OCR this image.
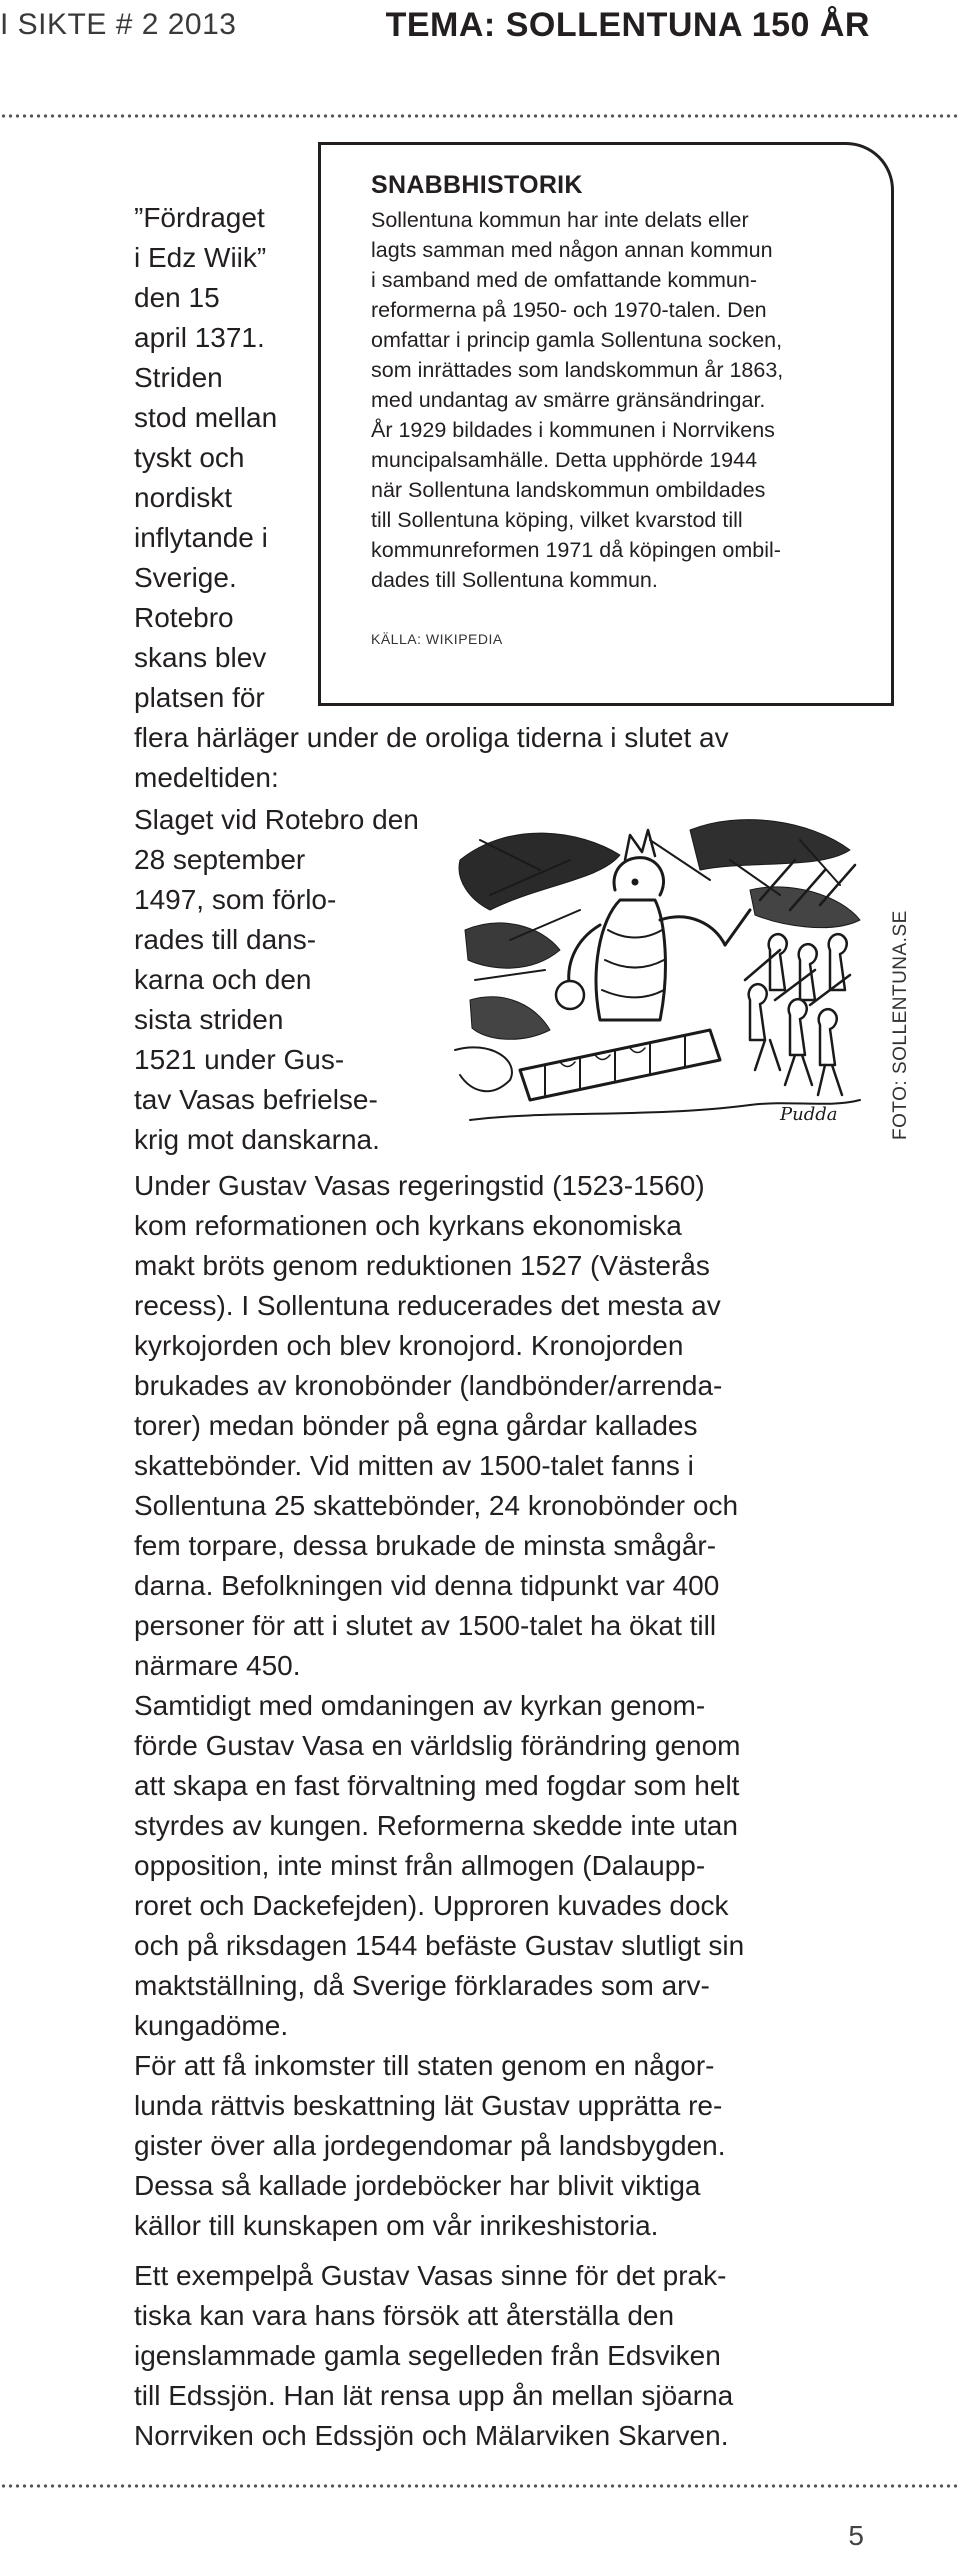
I SIKTE # 2 2013	TEMA: SOLLENTUNA 150 ÅR

”Fördraget
i Edz Wiik”
den 15
april 1371.
Striden
stod mellan
tyskt och
nordiskt
inflytande i
Sverige.
Rotebro
skans blev
platsen för

SNABBHISTORIK

Sollentuna kommun har inte delats eller
lagts samman med någon annan kommun
i samband med de omfattande kommun-
reformerna på 1950- och 1970-talen. Den
omfattar i princip gamla Sollentuna socken,
som inrättades som landskommun år 1863,
med undantag av smärre gränsändringar.
År 1929 bildades i kommunen i Norrvikens
muncipalsamhälle. Detta upphörde 1944
när Sollentuna landskommun ombildades
till Sollentuna köping, vilket kvarstod till
kommunreformen 1971 då köpingen ombil-
dades till Sollentuna kommun.

KÄLLA: WIKIPEDIA

flera härläger under de oroliga tiderna i slutet av
medeltiden:

Slaget vid Rotebro den
28 september
1497, som förlo-
rades till dans-
karna och den
sista striden
1521 under Gus-
tav Vasas befrielse-
krig mot danskarna.

Pudda	FOTO: SOLLENTUNA.SE

Under Gustav Vasas regeringstid (1523-1560)
kom reformationen och kyrkans ekonomiska
makt bröts genom reduktionen 1527 (Västerås
recess). I Sollentuna reducerades det mesta av
kyrkojorden och blev kronojord. Kronojorden
brukades av kronobönder (landbönder/arrenda-
torer) medan bönder på egna gårdar kallades
skattebönder. Vid mitten av 1500-talet fanns i
Sollentuna 25 skattebönder, 24 kronobönder och
fem torpare, dessa brukade de minsta smågår-
darna. Befolkningen vid denna tidpunkt var 400
personer för att i slutet av 1500-talet ha ökat till
närmare 450.

Samtidigt med omdaningen av kyrkan genom-
förde Gustav Vasa en världslig förändring genom
att skapa en fast förvaltning med fogdar som helt
styrdes av kungen. Reformerna skedde inte utan
opposition, inte minst från allmogen (Dalaupp-
roret och Dackefejden). Upproren kuvades dock
och på riksdagen 1544 befäste Gustav slutligt sin
maktställning, då Sverige förklarades som arv-
kungadöme.

För att få inkomster till staten genom en någor-
lunda rättvis beskattning lät Gustav upprätta re-
gister över alla jordegendomar på landsbygden.
Dessa så kallade jordeböcker har blivit viktiga
källor till kunskapen om vår inrikeshistoria.

Ett exempelpå Gustav Vasas sinne för det prak-
tiska kan vara hans försök att återställa den
igenslammade gamla segelleden från Edsviken
till Edssjön. Han lät rensa upp ån mellan sjöarna
Norrviken och Edssjön och Mälarviken Skarven.

5
